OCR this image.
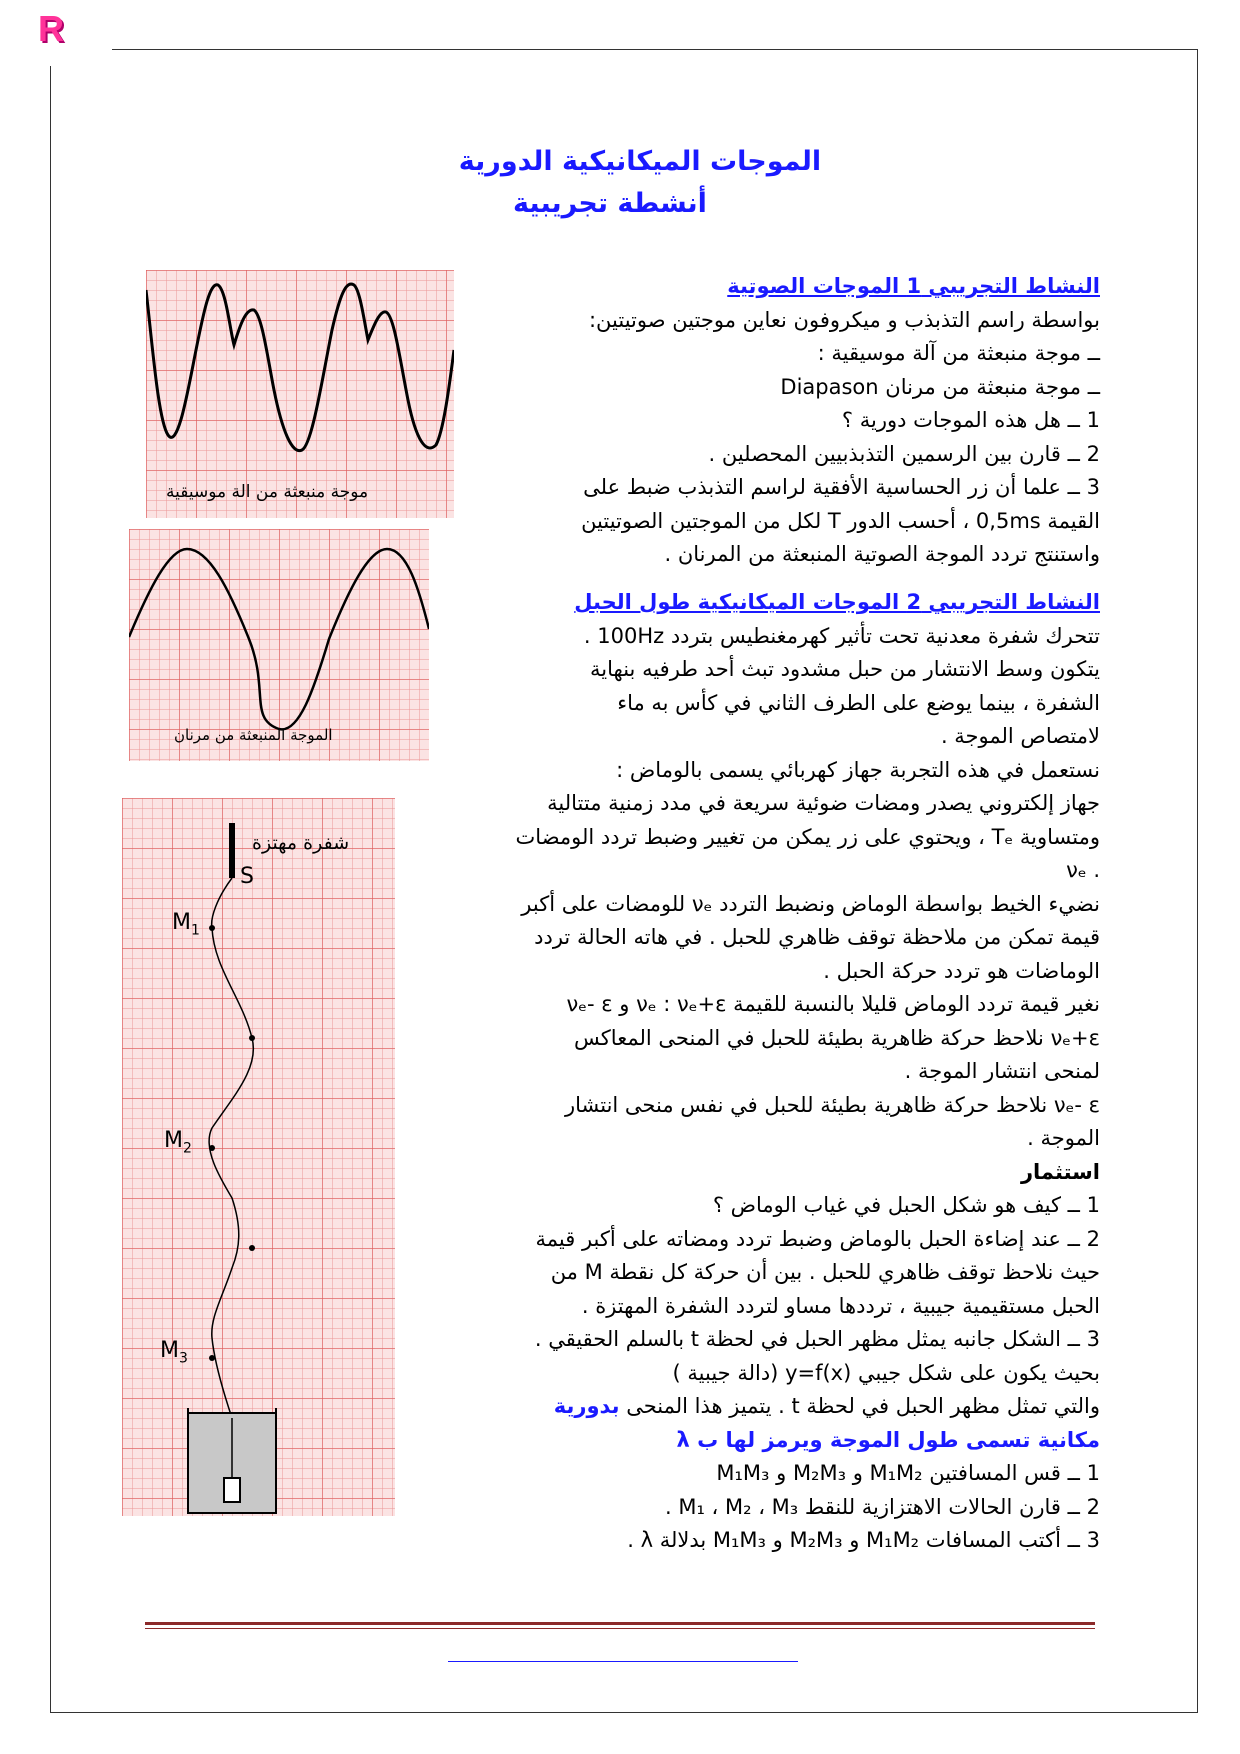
R
الموجات الميكانيكية الدورية
أنشطة تجريبية
موجة منبعثة من الة موسيقية
الموجة المنبعثة من مرنان
شفرة مهتزة
S
$M_1$
$M_2$
$M_3$

النشاط التجريبي 1 الموجات الصوتية

بواسطة راسم التذبذب و ميكروفون نعاين موجتين صوتيتين:

ــ موجة منبعثة من آلة موسيقية :

ــ موجة منبعثة من مرنان Diapason

1 ــ هل هذه الموجات دورية ؟

2 ــ قارن بين الرسمين التذبذبيين المحصلين .

3 ــ علما أن زر الحساسية الأفقية لراسم التذبذب ضبط على

القيمة 0,5ms ، أحسب الدور T لكل من الموجتين الصوتيتين

واستنتج تردد الموجة الصوتية المنبعثة من المرنان .

النشاط التجريبي 2 الموجات الميكانيكية طول الحبل

تتحرك شفرة معدنية تحت تأثير كهرمغنطيس بتردد 100Hz .

يتكون وسط الانتشار من حبل مشدود تبث أحد طرفيه بنهاية

الشفرة ، بينما يوضع على الطرف الثاني في كأس به ماء

لامتصاص الموجة .

نستعمل في هذه التجربة جهاز كهربائي يسمى بالوماض :

جهاز إلكتروني يصدر ومضات ضوئية سريعة في مدد زمنية متتالية

ومتساوية Tₑ ، ويحتوي على زر يمكن من تغيير وضبط تردد الومضات

. νₑ

نضيء الخيط بواسطة الوماض ونضبط التردد νₑ للومضات على أكبر

قيمة تمكن من ملاحظة توقف ظاهري للحبل . في هاته الحالة تردد

الوماضات هو تردد حركة الحبل .

نغير قيمة تردد الوماض قليلا بالنسبة للقيمة νₑ : νₑ+ε و νₑ- ε

νₑ+ε نلاحظ حركة ظاهرية بطيئة للحبل في المنحى المعاكس

لمنحى انتشار الموجة .

νₑ- ε نلاحظ حركة ظاهرية بطيئة للحبل في نفس منحى انتشار

الموجة .

استثمار

1 ــ كيف هو شكل الحبل في غياب الوماض ؟

2 ــ عند إضاءة الحبل بالوماض وضبط تردد ومضاته على أكبر قيمة

حيث نلاحظ توقف ظاهري للحبل . بين أن حركة كل نقطة M من

الحبل مستقيمية جيبية ، ترددها مساو لتردد الشفرة المهتزة .

3 ــ الشكل جانبه يمثل مظهر الحبل في لحظة t بالسلم الحقيقي .

بحيث يكون على شكل جيبي y=f(x) (دالة جيبية )

والتي تمثل مظهر الحبل في لحظة t . يتميز هذا المنحى بدورية

مكانية تسمى طول الموجة ويرمز لها ب λ

1 ــ قس المسافتين M₁M₂ و M₂M₃ و M₁M₃

2 ــ قارن الحالات الاهتزازية للنقط M₁ ، M₂ ، M₃ .

3 ــ أكتب المسافات M₁M₂ و M₂M₃ و M₁M₃ بدلالة λ .
